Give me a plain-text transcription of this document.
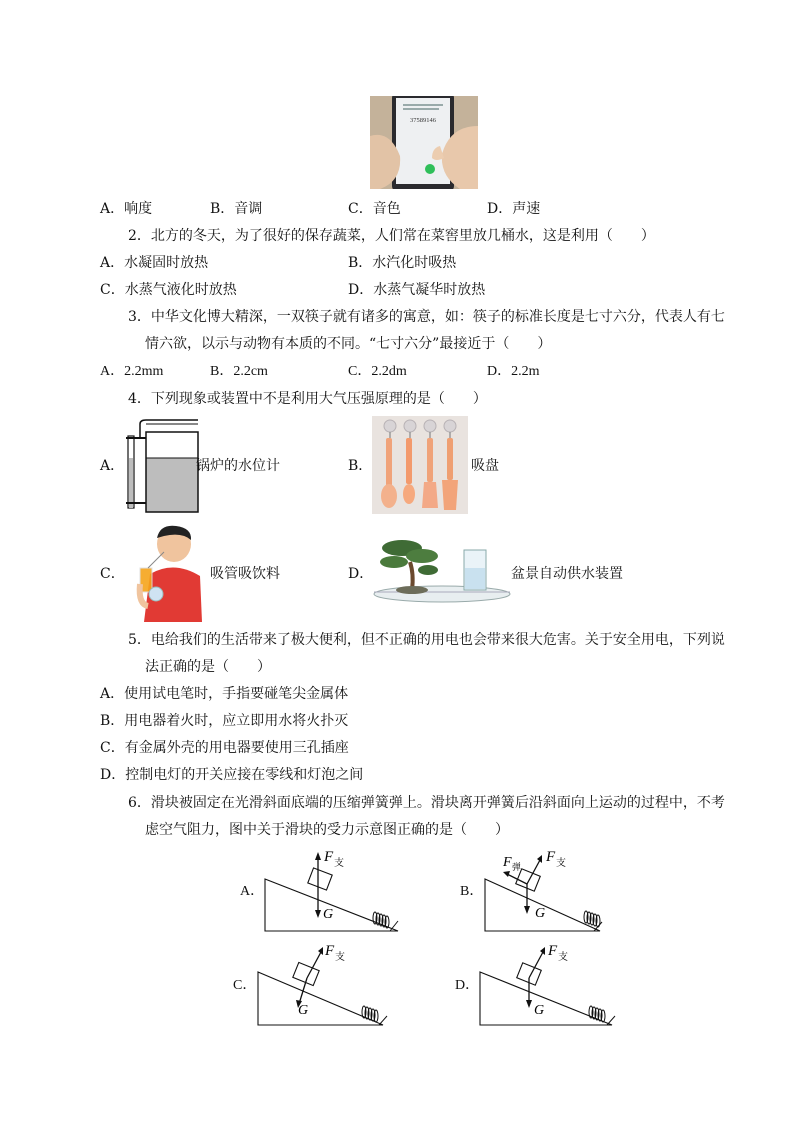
37589146
A．响度	B．音调	C．音色	D．声速
2．北方的冬天，为了很好的保存蔬菜，人们常在菜窖里放几桶水，这是利用（　　）
A．水凝固时放热	B．水汽化时吸热
C．水蒸气液化时放热	D．水蒸气凝华时放热
3．中华文化博大精深，一双筷子就有诸多的寓意，如：筷子的标准长度是七寸六分，代表人有七
情六欲，以示与动物有本质的不同。“七寸六分”最接近于（　　）
A．2.2mm	B．2.2cm	C．2.2dm	D．2.2m
4．下列现象或装置中不是利用大气压强原理的是（　　）
A．	锅炉的水位计	B．	吸盘
C．	吸管吸饮料	D．	盆景自动供水装置
5．电给我们的生活带来了极大便利，但不正确的用电也会带来很大危害。关于安全用电，下列说
法正确的是（　　）
A．使用试电笔时，手指要碰笔尖金属体
B．用电器着火时，应立即用水将火扑灭
C．有金属外壳的用电器要使用三孔插座
D．控制电灯的开关应接在零线和灯泡之间
6．滑块被固定在光滑斜面底端的压缩弹簧弹上。滑块离开弹簧后沿斜面向上运动的过程中，不考
虑空气阻力，图中关于滑块的受力示意图正确的是（　　）
A．
F 支
G
B．
F 弹
F 支
G
C．
F 支
G
D．
F 支
G
